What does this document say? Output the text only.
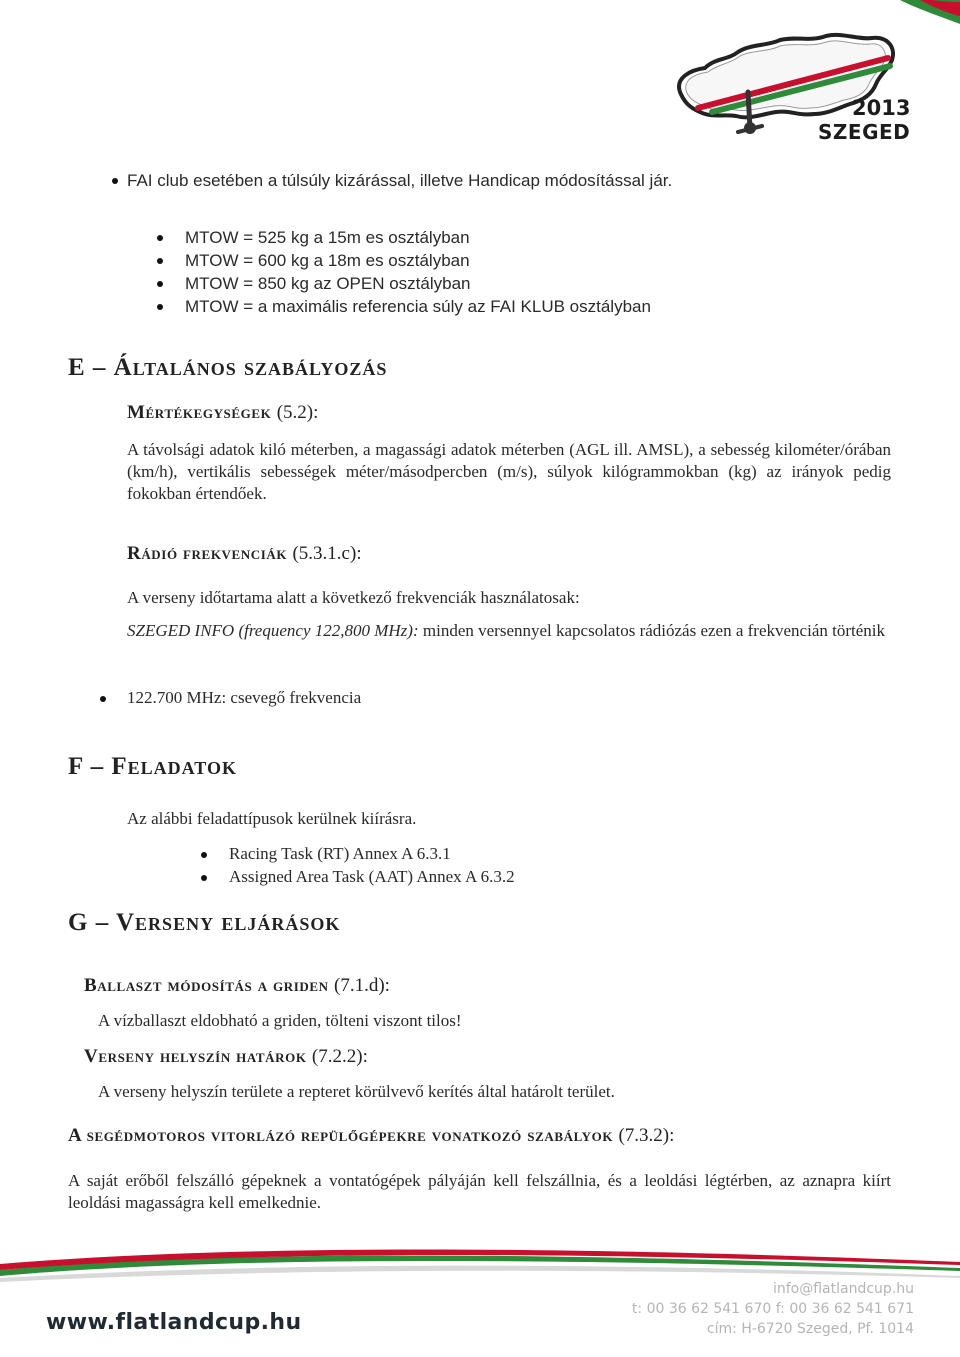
2013
SZEGED
FAI club esetében a túlsúly kizárással, illetve Handicap módosítással jár.
MTOW = 525 kg a 15m es osztályban
MTOW = 600 kg a 18m es osztályban
MTOW = 850 kg az OPEN osztályban
MTOW = a maximális referencia súly az FAI KLUB osztályban
E – Általános szabályozás
Mértékegységek (5.2):
A távolsági adatok kiló méterben, a magassági adatok méterben (AGL ill. AMSL), a sebesség kilométer/órában (km/h), vertikális sebességek méter/másodpercben (m/s), súlyok kilógrammokban (kg) az irányok pedig fokokban értendőek.
Rádió frekvenciák (5.3.1.c):
A verseny időtartama alatt a következő frekvenciák használatosak:
SZEGED INFO (frequency 122,800 MHz): minden versennyel kapcsolatos rádiózás ezen a frekvencián történik
122.700 MHz: csevegő frekvencia
F – Feladatok
Az alábbi feladattípusok kerülnek kiírásra.
Racing Task (RT) Annex A 6.3.1
Assigned Area Task (AAT) Annex A 6.3.2
G – Verseny eljárások
Ballaszt módosítás a griden (7.1.d):
A vízballaszt eldobható a griden, tölteni viszont tilos!
Verseny helyszín határok (7.2.2):
A verseny helyszín területe a repteret körülvevő kerítés által határolt terület.
A segédmotoros vitorlázó repülőgépekre vonatkozó szabályok (7.3.2):
A saját erőből felszálló gépeknek a vontatógépek pályáján kell felszállnia, és a leoldási légtérben, az aznapra kiírt leoldási magasságra kell emelkednie.
www.flatlandcup.hu
info@flatlandcup.hu
t: 00 36 62 541 670 f: 00 36 62 541 671
cím: H-6720 Szeged, Pf. 1014
